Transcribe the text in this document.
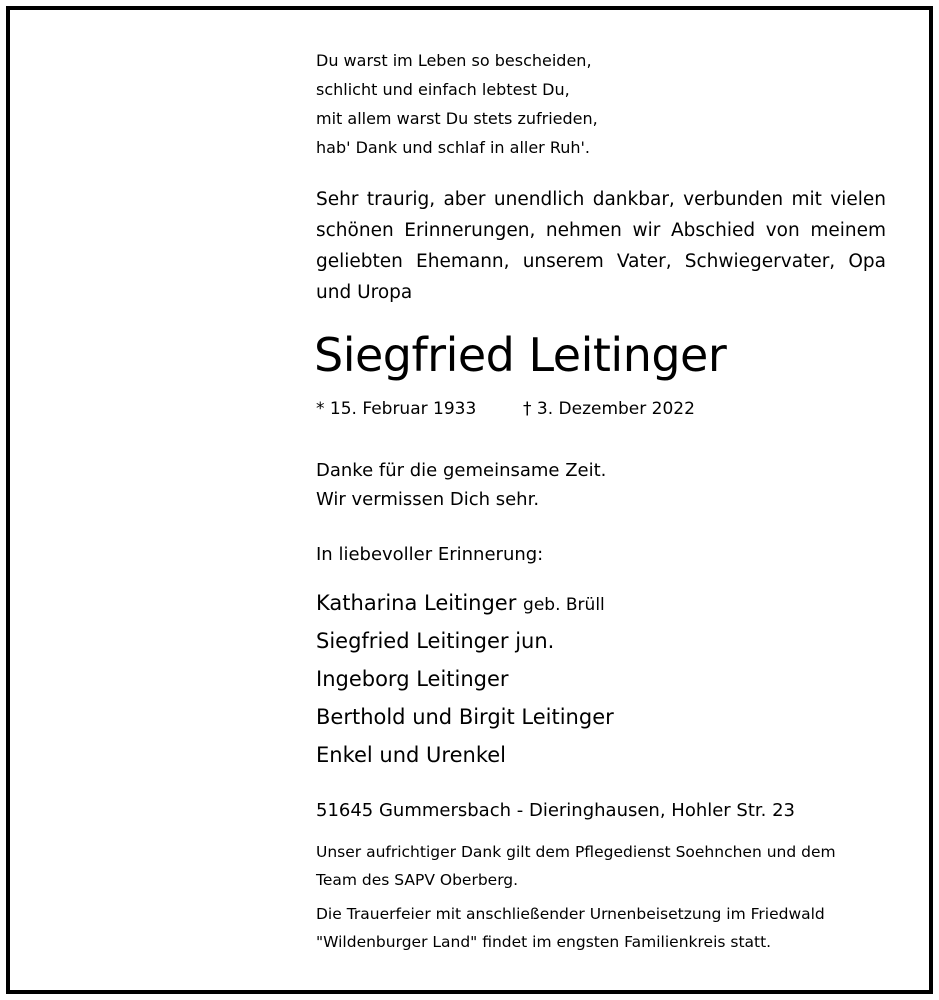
Du warst im Leben so bescheiden,
schlicht und einfach lebtest Du,
mit allem warst Du stets zufrieden,
hab' Dank und schlaf in aller Ruh'.
Sehr traurig, aber unendlich dankbar, verbunden mit vielen
schönen Erinnerungen, nehmen wir Abschied von meinem
geliebten Ehemann, unserem Vater, Schwiegervater, Opa
und Uropa
Siegfried Leitinger
* 15. Februar 1933	† 3. Dezember 2022
Danke für die gemeinsame Zeit.
Wir vermissen Dich sehr.
In liebevoller Erinnerung:
Katharina Leitinger geb. Brüll
Siegfried Leitinger jun.
Ingeborg Leitinger
Berthold und Birgit Leitinger
Enkel und Urenkel
51645 Gummersbach - Dieringhausen, Hohler Str. 23
Unser aufrichtiger Dank gilt dem Pflegedienst Soehnchen und dem
Team des SAPV Oberberg.
Die Trauerfeier mit anschließender Urnenbeisetzung im Friedwald
"Wildenburger Land" findet im engsten Familienkreis statt.
